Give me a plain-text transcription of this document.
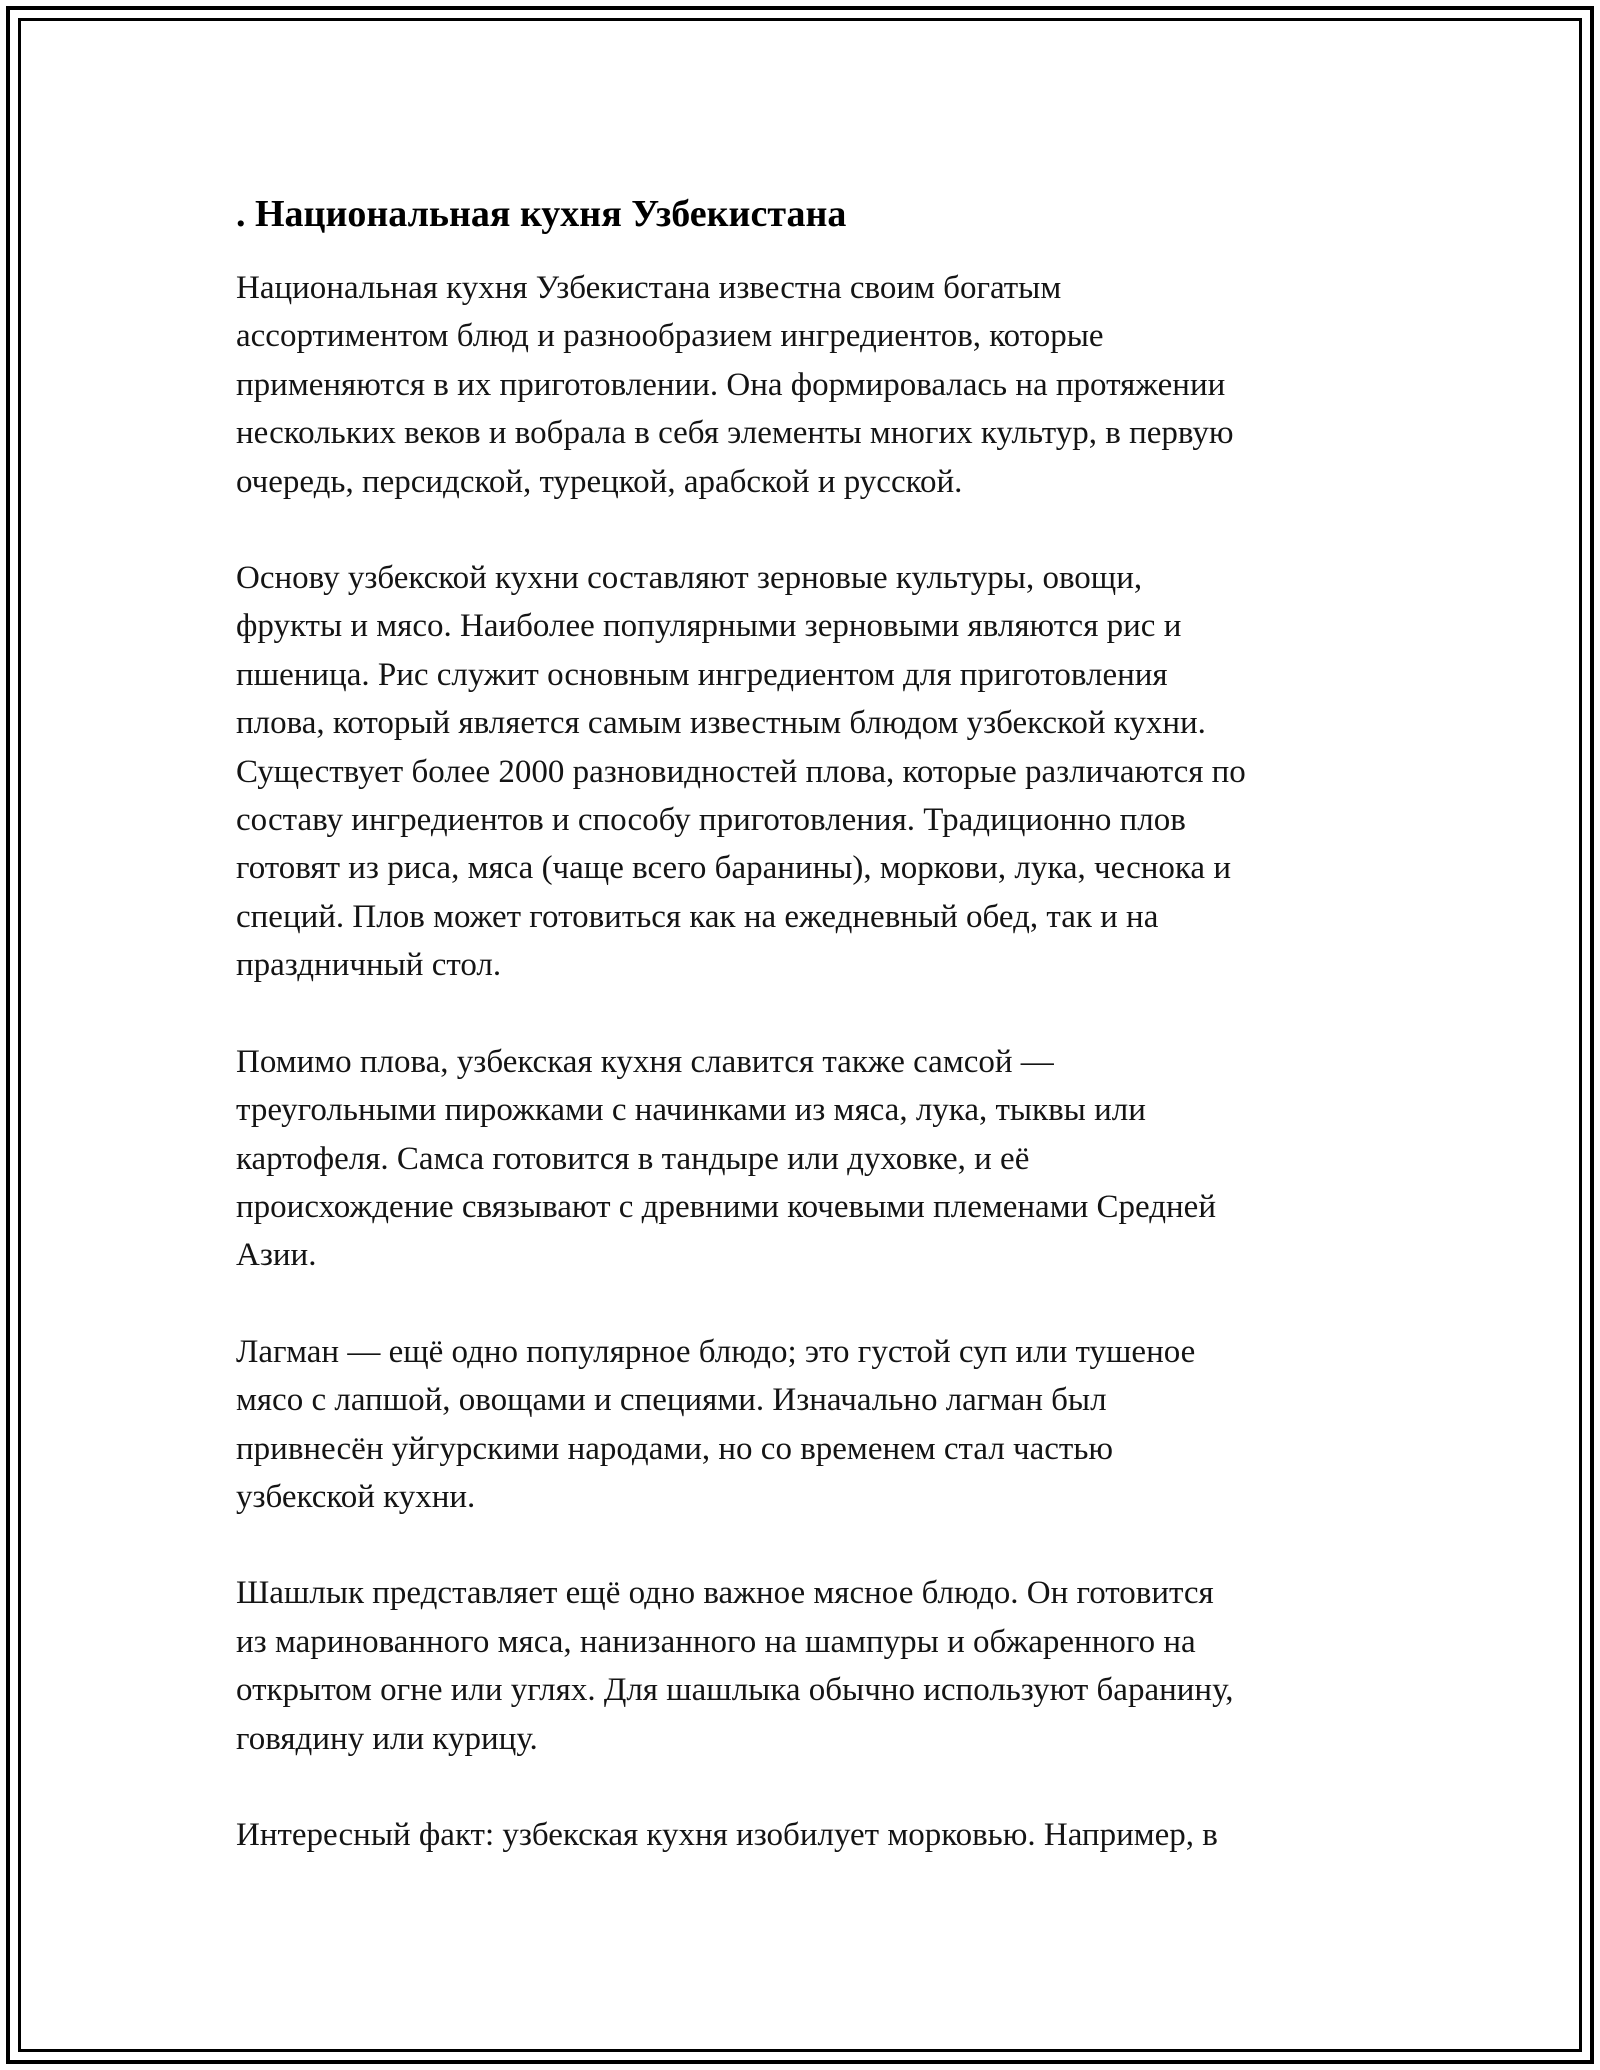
. Национальная кухня Узбекистана

Национальная кухня Узбекистана известна своим богатым
ассортиментом блюд и разнообразием ингредиентов, которые
применяются в их приготовлении. Она формировалась на протяжении
нескольких веков и вобрала в себя элементы многих культур, в первую
очередь, персидской, турецкой, арабской и русской.

Основу узбекской кухни составляют зерновые культуры, овощи,
фрукты и мясо. Наиболее популярными зерновыми являются рис и
пшеница. Рис служит основным ингредиентом для приготовления
плова, который является самым известным блюдом узбекской кухни.
Существует более 2000 разновидностей плова, которые различаются по
составу ингредиентов и способу приготовления. Традиционно плов
готовят из риса, мяса (чаще всего баранины), моркови, лука, чеснока и
специй. Плов может готовиться как на ежедневный обед, так и на
праздничный стол.

Помимо плова, узбекская кухня славится также самсой —
треугольными пирожками с начинками из мяса, лука, тыквы или
картофеля. Самса готовится в тандыре или духовке, и её
происхождение связывают с древними кочевыми племенами Средней
Азии.

Лагман — ещё одно популярное блюдо; это густой суп или тушеное
мясо с лапшой, овощами и специями. Изначально лагман был
привнесён уйгурскими народами, но со временем стал частью
узбекской кухни.

Шашлык представляет ещё одно важное мясное блюдо. Он готовится
из маринованного мяса, нанизанного на шампуры и обжаренного на
открытом огне или углях. Для шашлыка обычно используют баранину,
говядину или курицу.

Интересный факт: узбекская кухня изобилует морковью. Например, в
